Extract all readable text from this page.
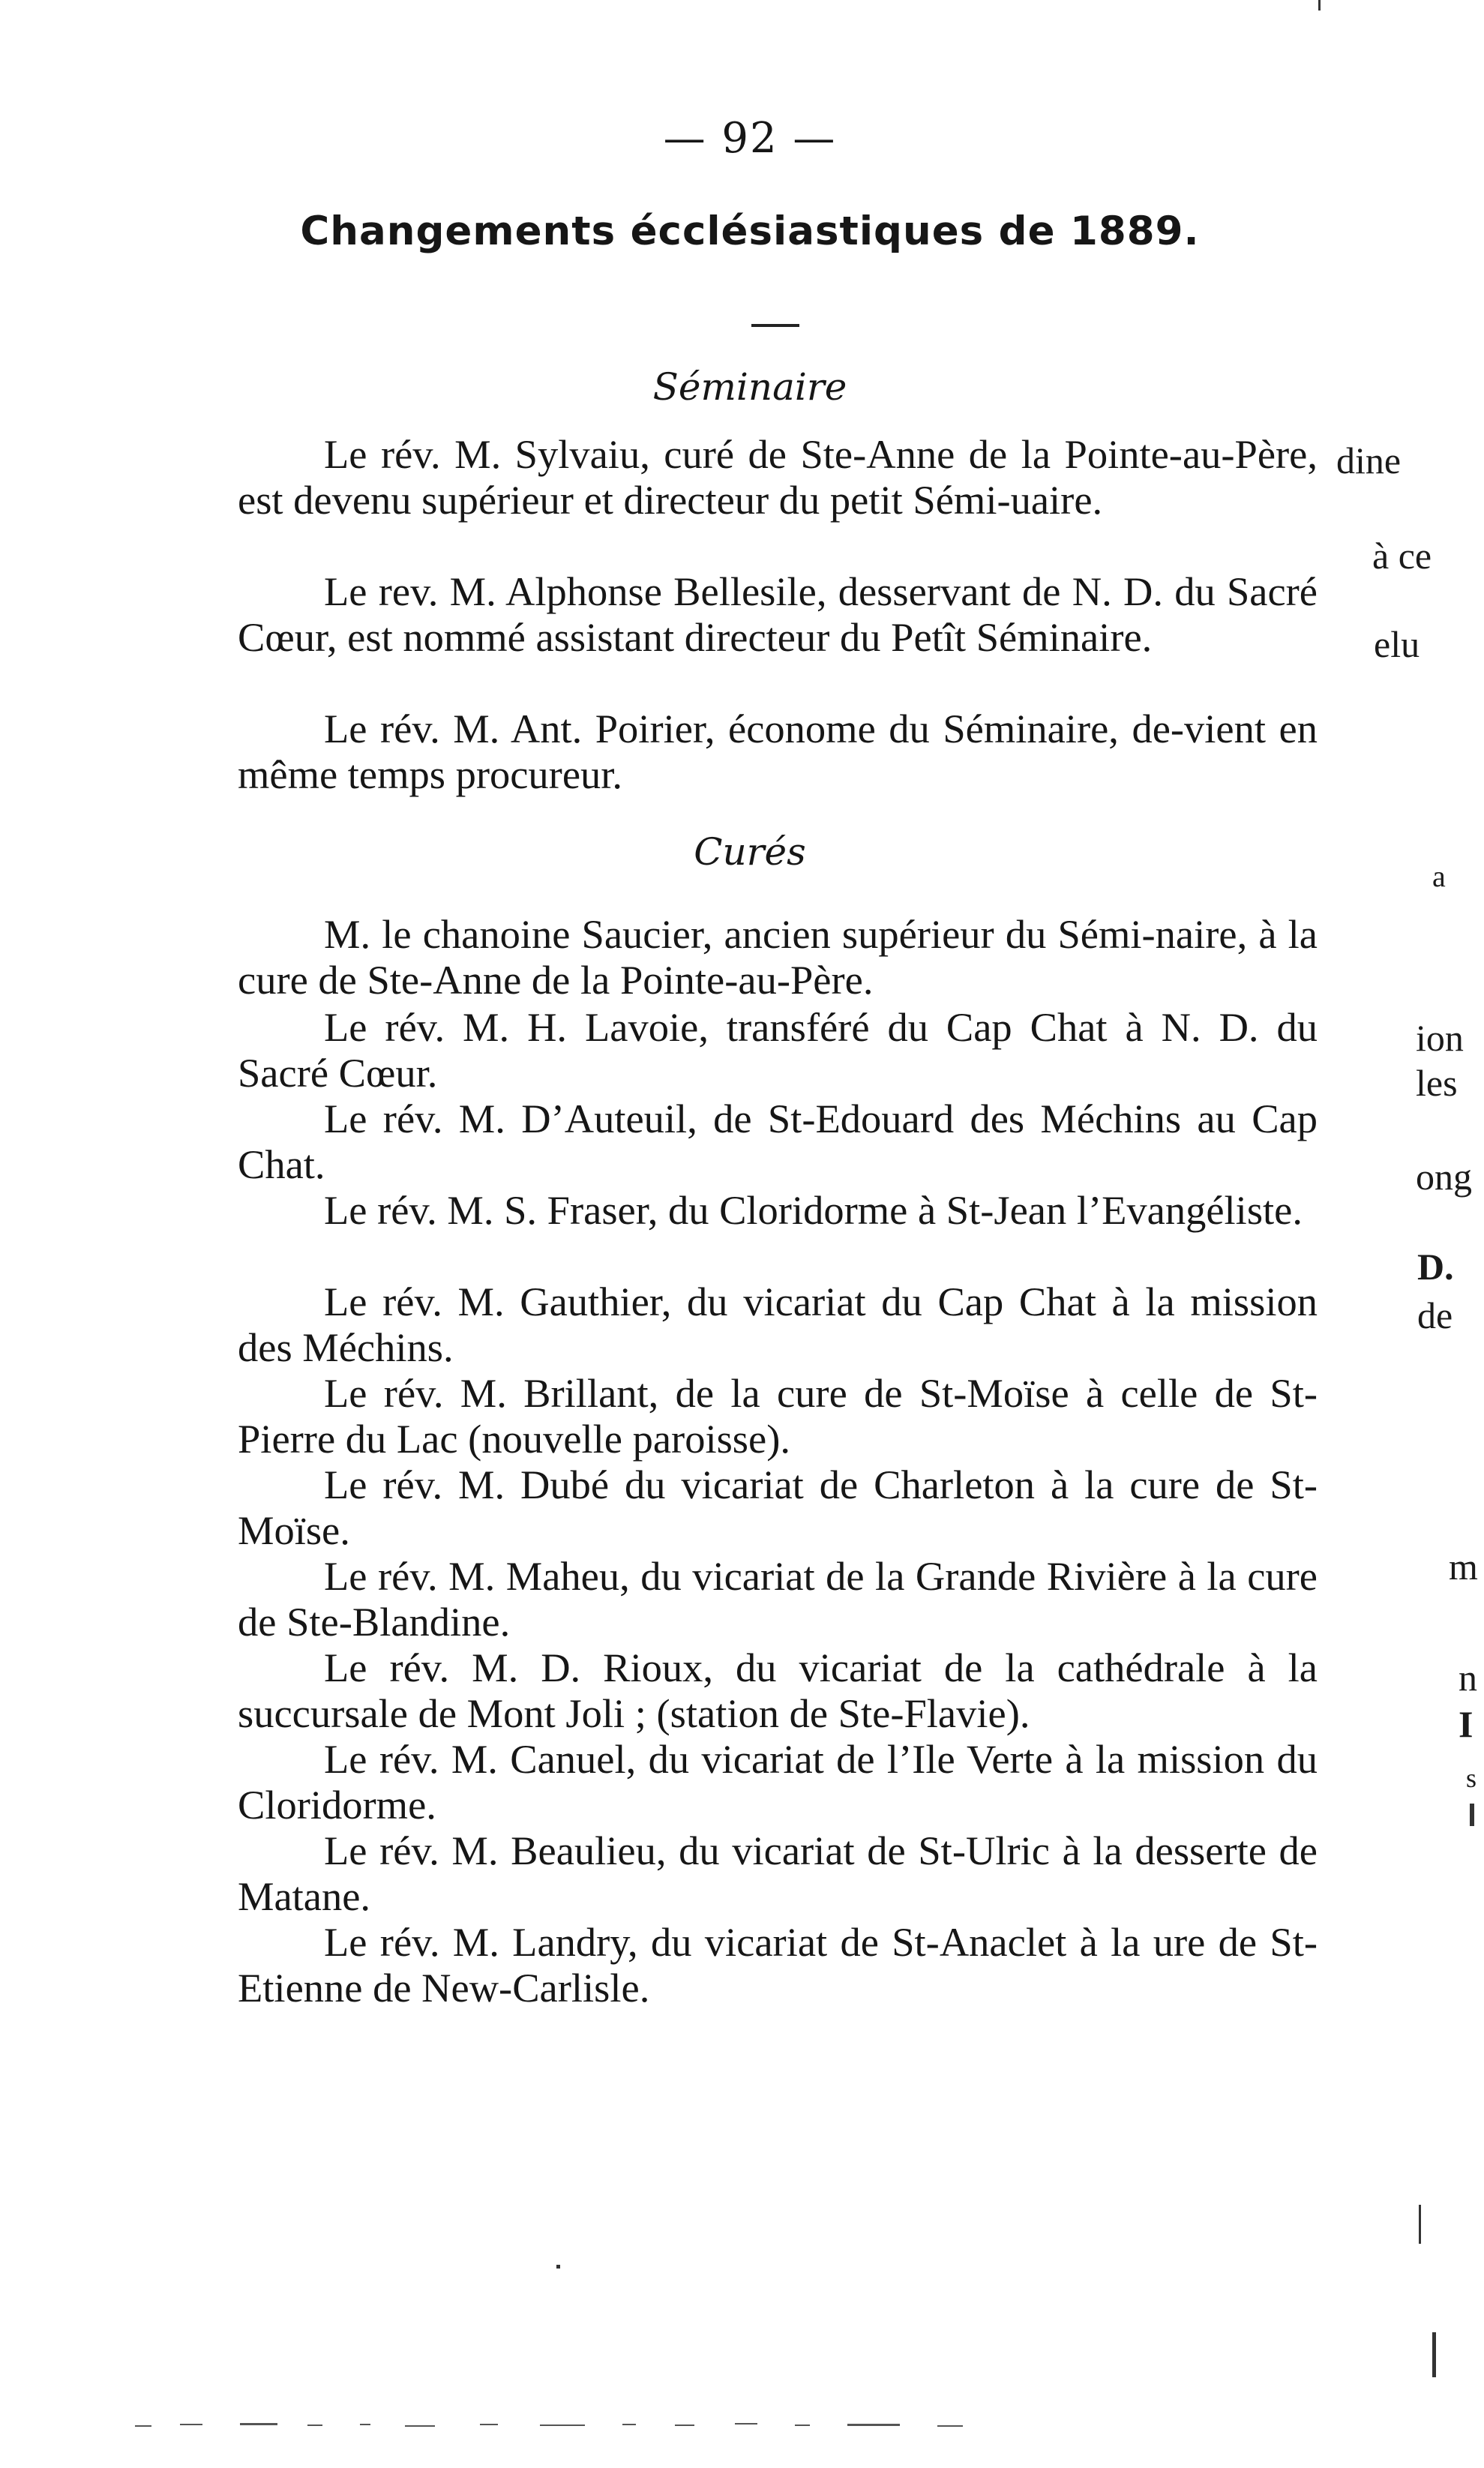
— 92 —
Changements écclésiastiques de 1889.
Séminaire

Le rév. M. Sylvaiu, curé de Ste-Anne de la Pointe-au-Père, est devenu supérieur et directeur du petit Sémi-uaire.

Le rev. M. Alphonse Bellesile, desservant de N. D. du Sacré Cœur, est nommé assistant directeur du Petît Séminaire.

Le rév. M. Ant. Poirier, économe du Séminaire, de-vient en même temps procureur.

Curés

M. le chanoine Saucier, ancien supérieur du Sémi-naire, à la cure de Ste-Anne de la Pointe-au-Père.

Le rév. M. H. Lavoie, transféré du Cap Chat à N. D. du Sacré Cœur.

Le rév. M. D’Auteuil, de St-Edouard des Méchins au Cap Chat.

Le rév. M. S. Fraser, du Cloridorme à St-Jean l’Evangéliste.

Le rév. M. Gauthier, du vicariat du Cap Chat à la mission des Méchins.

Le rév. M. Brillant, de la cure de St-Moïse à celle de St-Pierre du Lac (nouvelle paroisse).

Le rév. M. Dubé du vicariat de Charleton à la cure de St-Moïse.

Le rév. M. Maheu, du vicariat de la Grande Rivière à la cure de Ste-Blandine.

Le rév. M. D. Rioux, du vicariat de la cathédrale à la succursale de Mont Joli ; (station de Ste-Flavie).

Le rév. M. Canuel, du vicariat de l’Ile Verte à la mission du Cloridorme.

Le rév. M. Beaulieu, du vicariat de St-Ulric à la desserte de Matane.

Le rév. M. Landry, du vicariat de St-Anaclet à la ure de St-Etienne de New-Carlisle.

dine
à ce
elu
a
ion
les
ong
D.
de
m
n
I
s
